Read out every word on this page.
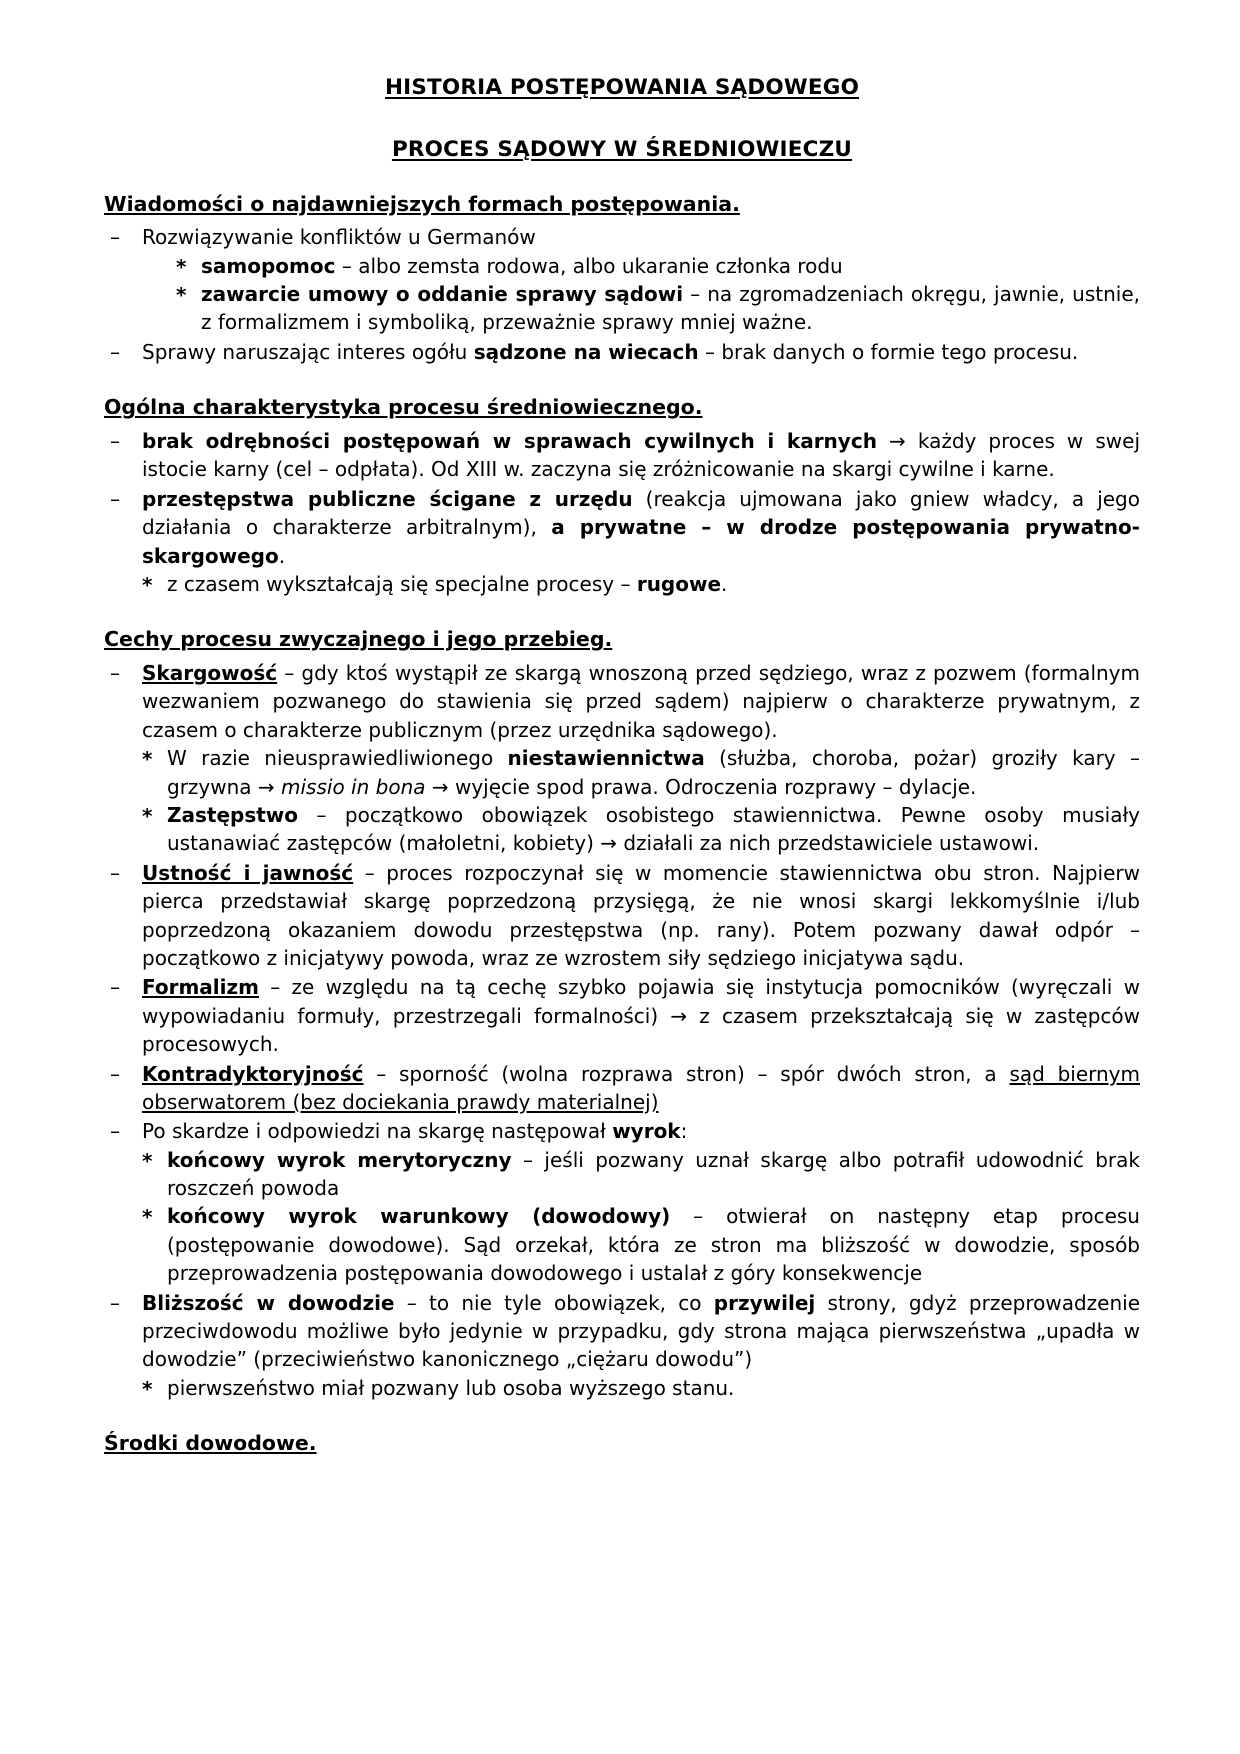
HISTORIA POSTĘPOWANIA SĄDOWEGO
PROCES SĄDOWY W ŚREDNIOWIECZU
Wiadomości o najdawniejszych formach postępowania.
– Rozwiązywanie konfliktów u Germanów
* samopomoc – albo zemsta rodowa, albo ukaranie członka rodu
* zawarcie umowy o oddanie sprawy sądowi – na zgromadzeniach okręgu, jawnie, ustnie, z formalizmem i symboliką, przeważnie sprawy mniej ważne.
– Sprawy naruszając interes ogółu sądzone na wiecach – brak danych o formie tego procesu.
Ogólna charakterystyka procesu średniowiecznego.
– brak odrębności postępowań w sprawach cywilnych i karnych → każdy proces w swej istocie karny (cel – odpłata). Od XIII w. zaczyna się zróżnicowanie na skargi cywilne i karne.
– przestępstwa publiczne ścigane z urzędu (reakcja ujmowana jako gniew władcy, a jego działania o charakterze arbitralnym), a prywatne – w drodze postępowania prywatno-skargowego.
* z czasem wykształcają się specjalne procesy – rugowe.
Cechy procesu zwyczajnego i jego przebieg.
– Skargowość – gdy ktoś wystąpił ze skargą wnoszoną przed sędziego, wraz z pozwem (formalnym wezwaniem pozwanego do stawienia się przed sądem) najpierw o charakterze prywatnym, z czasem o charakterze publicznym (przez urzędnika sądowego).
* W razie nieusprawiedliwionego niestawiennictwa (służba, choroba, pożar) groziły kary – grzywna → missio in bona → wyjęcie spod prawa. Odroczenia rozprawy – dylacje.
* Zastępstwo – początkowo obowiązek osobistego stawiennictwa. Pewne osoby musiały ustanawiać zastępców (małoletni, kobiety) → działali za nich przedstawiciele ustawowi.
– Ustność i jawność – proces rozpoczynał się w momencie stawiennictwa obu stron. Najpierw pierca przedstawiał skargę poprzedzoną przysięgą, że nie wnosi skargi lekkomyślnie i/lub poprzedzoną okazaniem dowodu przestępstwa (np. rany). Potem pozwany dawał odpór – początkowo z inicjatywy powoda, wraz ze wzrostem siły sędziego inicjatywa sądu.
– Formalizm – ze względu na tą cechę szybko pojawia się instytucja pomocników (wyręczali w wypowiadaniu formuły, przestrzegali formalności) → z czasem przekształcają się w zastępców procesowych.
– Kontradyktoryjność – sporność (wolna rozprawa stron) – spór dwóch stron, a sąd biernym obserwatorem (bez dociekania prawdy materialnej)
– Po skardze i odpowiedzi na skargę następował wyrok:
* końcowy wyrok merytoryczny – jeśli pozwany uznał skargę albo potrafił udowodnić brak roszczeń powoda
* końcowy wyrok warunkowy (dowodowy) – otwierał on następny etap procesu (postępowanie dowodowe). Sąd orzekał, która ze stron ma bliższość w dowodzie, sposób przeprowadzenia postępowania dowodowego i ustalał z góry konsekwencje
– Bliższość w dowodzie – to nie tyle obowiązek, co przywilej strony, gdyż przeprowadzenie przeciwdowodu możliwe było jedynie w przypadku, gdy strona mająca pierwszeństwa „upadła w dowodzie” (przeciwieństwo kanonicznego „ciężaru dowodu”)
* pierwszeństwo miał pozwany lub osoba wyższego stanu.
Środki dowodowe.
